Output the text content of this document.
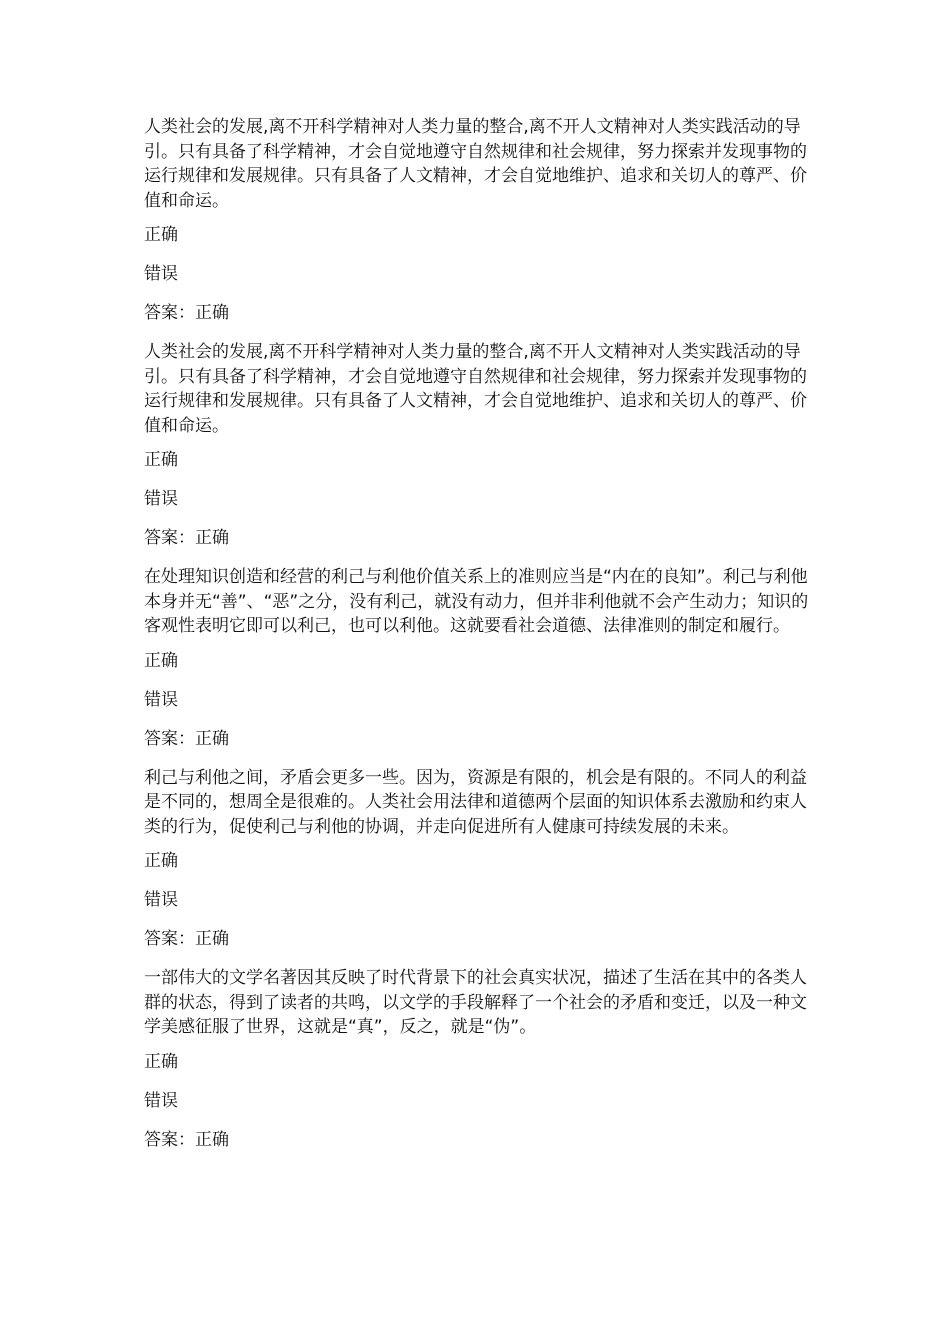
人类社会的发展,离不开科学精神对人类力量的整合,离不开人文精神对人类实践活动的导引。只有具备了科学精神，才会自觉地遵守自然规律和社会规律，努力探索并发现事物的运行规律和发展规律。只有具备了人文精神，才会自觉地维护、追求和关切人的尊严、价值和命运。

正确

错误

答案：正确

人类社会的发展,离不开科学精神对人类力量的整合,离不开人文精神对人类实践活动的导引。只有具备了科学精神，才会自觉地遵守自然规律和社会规律，努力探索并发现事物的运行规律和发展规律。只有具备了人文精神，才会自觉地维护、追求和关切人的尊严、价值和命运。

正确

错误

答案：正确

在处理知识创造和经营的利己与利他价值关系上的准则应当是“内在的良知”。利己与利他本身并无“善”、“恶”之分，没有利己，就没有动力，但并非利他就不会产生动力；知识的客观性表明它即可以利己，也可以利他。这就要看社会道德、法律准则的制定和履行。

正确

错误

答案：正确

利己与利他之间，矛盾会更多一些。因为，资源是有限的，机会是有限的。不同人的利益是不同的，想周全是很难的。人类社会用法律和道德两个层面的知识体系去激励和约束人类的行为，促使利己与利他的协调，并走向促进所有人健康可持续发展的未来。

正确

错误

答案：正确

一部伟大的文学名著因其反映了时代背景下的社会真实状况，描述了生活在其中的各类人群的状态，得到了读者的共鸣，以文学的手段解释了一个社会的矛盾和变迁，以及一种文学美感征服了世界，这就是“真”，反之，就是“伪”。

正确

错误

答案：正确
